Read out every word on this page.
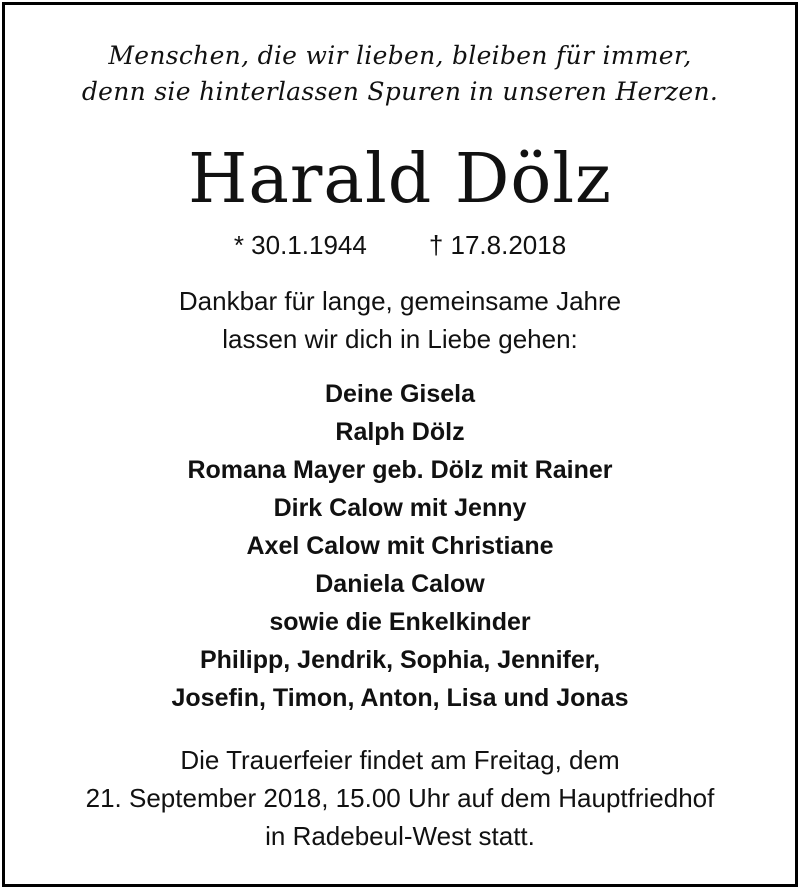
Menschen, die wir lieben, bleiben für immer,
denn sie hinterlassen Spuren in unseren Herzen.
Harald Dölz
* 30.1.1944 † 17.8.2018
Dankbar für lange, gemeinsame Jahre
lassen wir dich in Liebe gehen:
Deine Gisela
Ralph Dölz
Romana Mayer geb. Dölz mit Rainer
Dirk Calow mit Jenny
Axel Calow mit Christiane
Daniela Calow
sowie die Enkelkinder
Philipp, Jendrik, Sophia, Jennifer,
Josefin, Timon, Anton, Lisa und Jonas
Die Trauerfeier findet am Freitag, dem
21. September 2018, 15.00 Uhr auf dem Hauptfriedhof
in Radebeul-West statt.
